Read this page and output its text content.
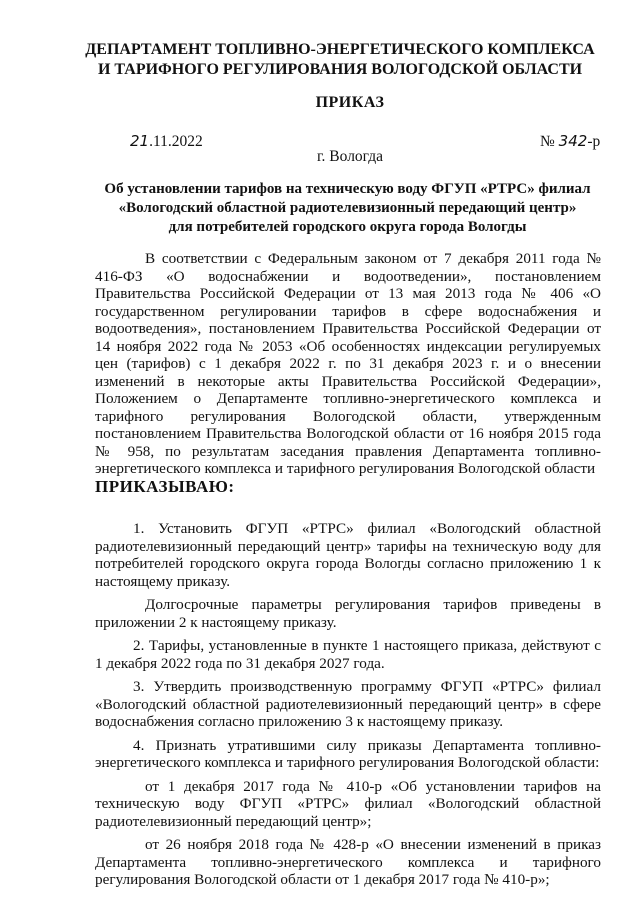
ДЕПАРТАМЕНТ ТОПЛИВНО-ЭНЕРГЕТИЧЕСКОГО КОМПЛЕКСА
И ТАРИФНОГО РЕГУЛИРОВАНИЯ ВОЛОГОДСКОЙ ОБЛАСТИ
ПРИКАЗ
21.11.2022	№ 342-р
г. Вологда
Об установлении тарифов на техническую воду ФГУП «РТРС» филиал
«Вологодский областной радиотелевизионный передающий центр»
для потребителей городского округа города Вологды

В соответствии с Федеральным законом от 7 декабря 2011 года № 416-ФЗ «О водоснабжении и водоотведении», постановлением Правительства Российской Федерации от 13 мая 2013 года № 406 «О государственном регулировании тарифов в сфере водоснабжения и водоотведения», постановлением Правительства Российской Федерации от 14 ноября 2022 года № 2053 «Об особенностях индексации регулируемых цен (тарифов) с 1 декабря 2022 г. по 31 декабря 2023 г. и о внесении изменений в некоторые акты Правительства Российской Федерации», Положением о Департаменте топливно-энергетического комплекса и тарифного регулирования Вологодской области, утвержденным постановлением Правительства Вологодской области от 16 ноября 2015 года № 958, по результатам заседания правления Департамента топливно-энергетического комплекса и тарифного регулирования Вологодской области

ПРИКАЗЫВАЮ:

1. Установить ФГУП «РТРС» филиал «Вологодский областной радиотелевизионный передающий центр» тарифы на техническую воду для потребителей городского округа города Вологды согласно приложению 1 к настоящему приказу.

Долгосрочные параметры регулирования тарифов приведены в приложении 2 к настоящему приказу.

2. Тарифы, установленные в пункте 1 настоящего приказа, действуют с 1 декабря 2022 года по 31 декабря 2027 года.

3. Утвердить производственную программу ФГУП «РТРС» филиал «Вологодский областной радиотелевизионный передающий центр» в сфере водоснабжения согласно приложению 3 к настоящему приказу.

4. Признать утратившими силу приказы Департамента топливно-энергетического комплекса и тарифного регулирования Вологодской области:

от 1 декабря 2017 года № 410-р «Об установлении тарифов на техническую воду ФГУП «РТРС» филиал «Вологодский областной радиотелевизионный передающий центр»;

от 26 ноября 2018 года № 428-р «О внесении изменений в приказ Департамента топливно-энергетического комплекса и тарифного регулирования Вологодской области от 1 декабря 2017 года № 410-р»;
